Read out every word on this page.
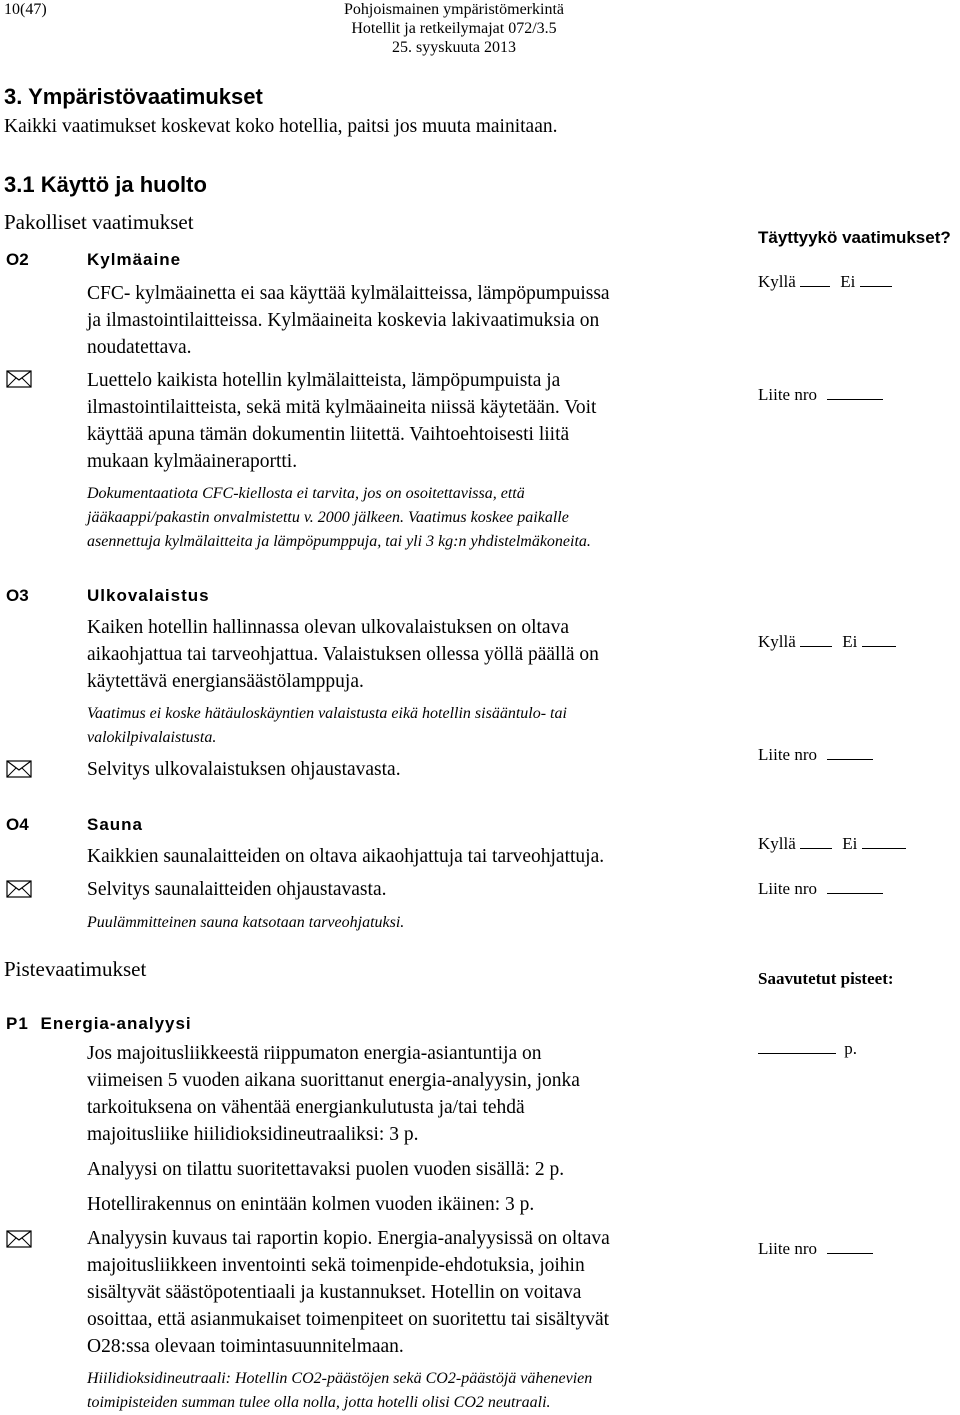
10(47)	Pohjoismainen ympäristömerkintä
Hotellit ja retkeilymajat 072/3.5
25. syyskuuta 2013
3. Ympäristövaatimukset
Kaikki vaatimukset koskevat koko hotellia, paitsi jos muuta mainitaan.
3.1 Käyttö ja huolto
Pakolliset vaatimukset
Täyttyykö vaatimukset?
O2	Kylmäaine
CFC- kylmäainetta ei saa käyttää kylmälaitteissa, lämpöpumpuissa
ja ilmastointilaitteissa. Kylmäaineita koskevia lakivaatimuksia on
noudatettava.
Luettelo kaikista hotellin kylmälaitteista, lämpöpumpuista ja
ilmastointilaitteista, sekä mitä kylmäaineita niissä käytetään. Voit
käyttää apuna tämän dokumentin liitettä. Vaihtoehtoisesti liitä
mukaan kylmäaineraportti.
Dokumentaatiota CFC-kiellosta ei tarvita, jos on osoitettavissa, että
jääkaappi/pakastin onvalmistettu v. 2000 jälkeen. Vaatimus koskee paikalle
asennettuja kylmälaitteita ja lämpöpumppuja, tai yli 3 kg:n yhdistelmäkoneita.
Kyllä	Ei
Liite nro
O3	Ulkovalaistus
Kaiken hotellin hallinnassa olevan ulkovalaistuksen on oltava
aikaohjattua tai tarveohjattua. Valaistuksen ollessa yöllä päällä on
käytettävä energiansäästölamppuja.
Vaatimus ei koske hätäuloskäyntien valaistusta eikä hotellin sisääntulo- tai
valokilpivalaistusta.
Selvitys ulkovalaistuksen ohjaustavasta.
Kyllä	Ei
Liite nro
O4	Sauna
Kaikkien saunalaitteiden on oltava aikaohjattuja tai tarveohjattuja.
Selvitys saunalaitteiden ohjaustavasta.
Puulämmitteinen sauna katsotaan tarveohjatuksi.
Kyllä	Ei
Liite nro
Pistevaatimukset	Saavutetut pisteet:
P1 Energia-analyysi
Jos majoitusliikkeestä riippumaton energia-asiantuntija on
viimeisen 5 vuoden aikana suorittanut energia-analyysin, jonka
tarkoituksena on vähentää energiankulutusta ja/tai tehdä
majoitusliike hiilidioksidineutraaliksi: 3 p.
Analyysi on tilattu suoritettavaksi puolen vuoden sisällä: 2 p.
Hotellirakennus on enintään kolmen vuoden ikäinen: 3 p.
Analyysin kuvaus tai raportin kopio. Energia-analyysissä on oltava
majoitusliikkeen inventointi sekä toimenpide-ehdotuksia, joihin
sisältyvät säästöpotentiaali ja kustannukset. Hotellin on voitava
osoittaa, että asianmukaiset toimenpiteet on suoritettu tai sisältyvät
O28:ssa olevaan toimintasuunnitelmaan.
Hiilidioksidineutraali: Hotellin CO2-päästöjen sekä CO2-päästöjä vähenevien
toimipisteiden summan tulee olla nolla, jotta hotelli olisi CO2 neutraali.
p.
Liite nro
